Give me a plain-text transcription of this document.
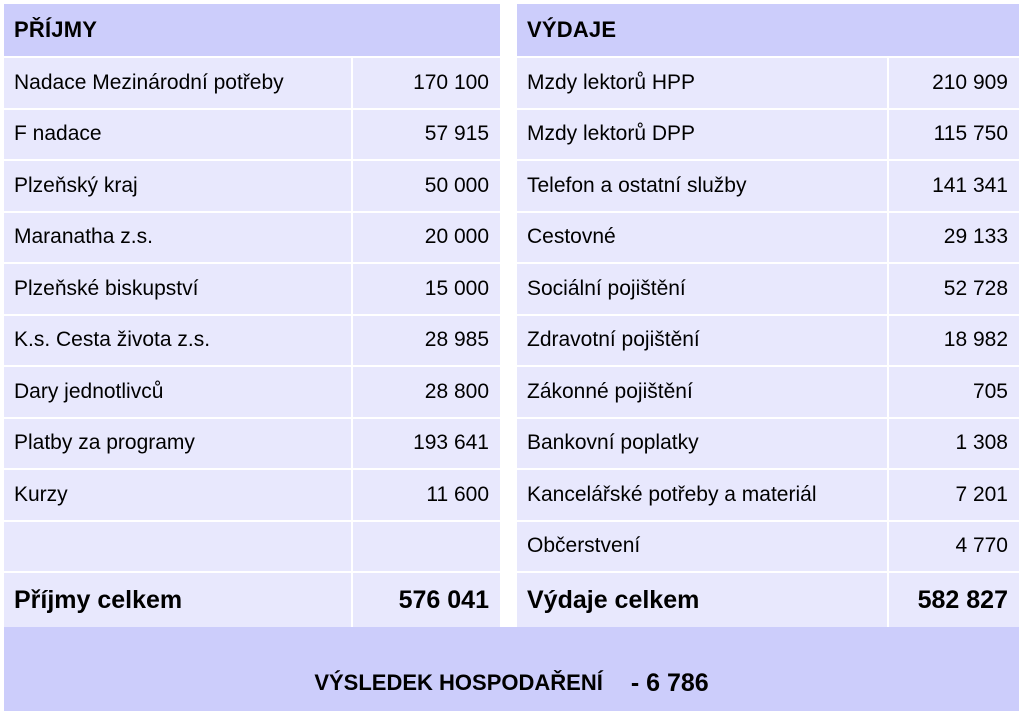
PŘÍJMY
Nadace Mezinárodní potřeby	170 100
F nadace	57 915
Plzeňský kraj	50 000
Maranatha z.s.	20 000
Plzeňské biskupství	15 000
K.s. Cesta života z.s.	28 985
Dary jednotlivců	28 800
Platby za programy	193 641
Kurzy	11 600
Příjmy celkem	576 041
VÝDAJE
Mzdy lektorů HPP	210 909
Mzdy lektorů DPP	115 750
Telefon a ostatní služby	141 341
Cestovné	29 133
Sociální pojištění	52 728
Zdravotní pojištění	18 982
Zákonné pojištění	705
Bankovní poplatky	1 308
Kancelářské potřeby a materiál	7 201
Občerstvení	4 770
Výdaje celkem	582 827
VÝSLEDEK HOSPODAŘENÍ - 6 786
